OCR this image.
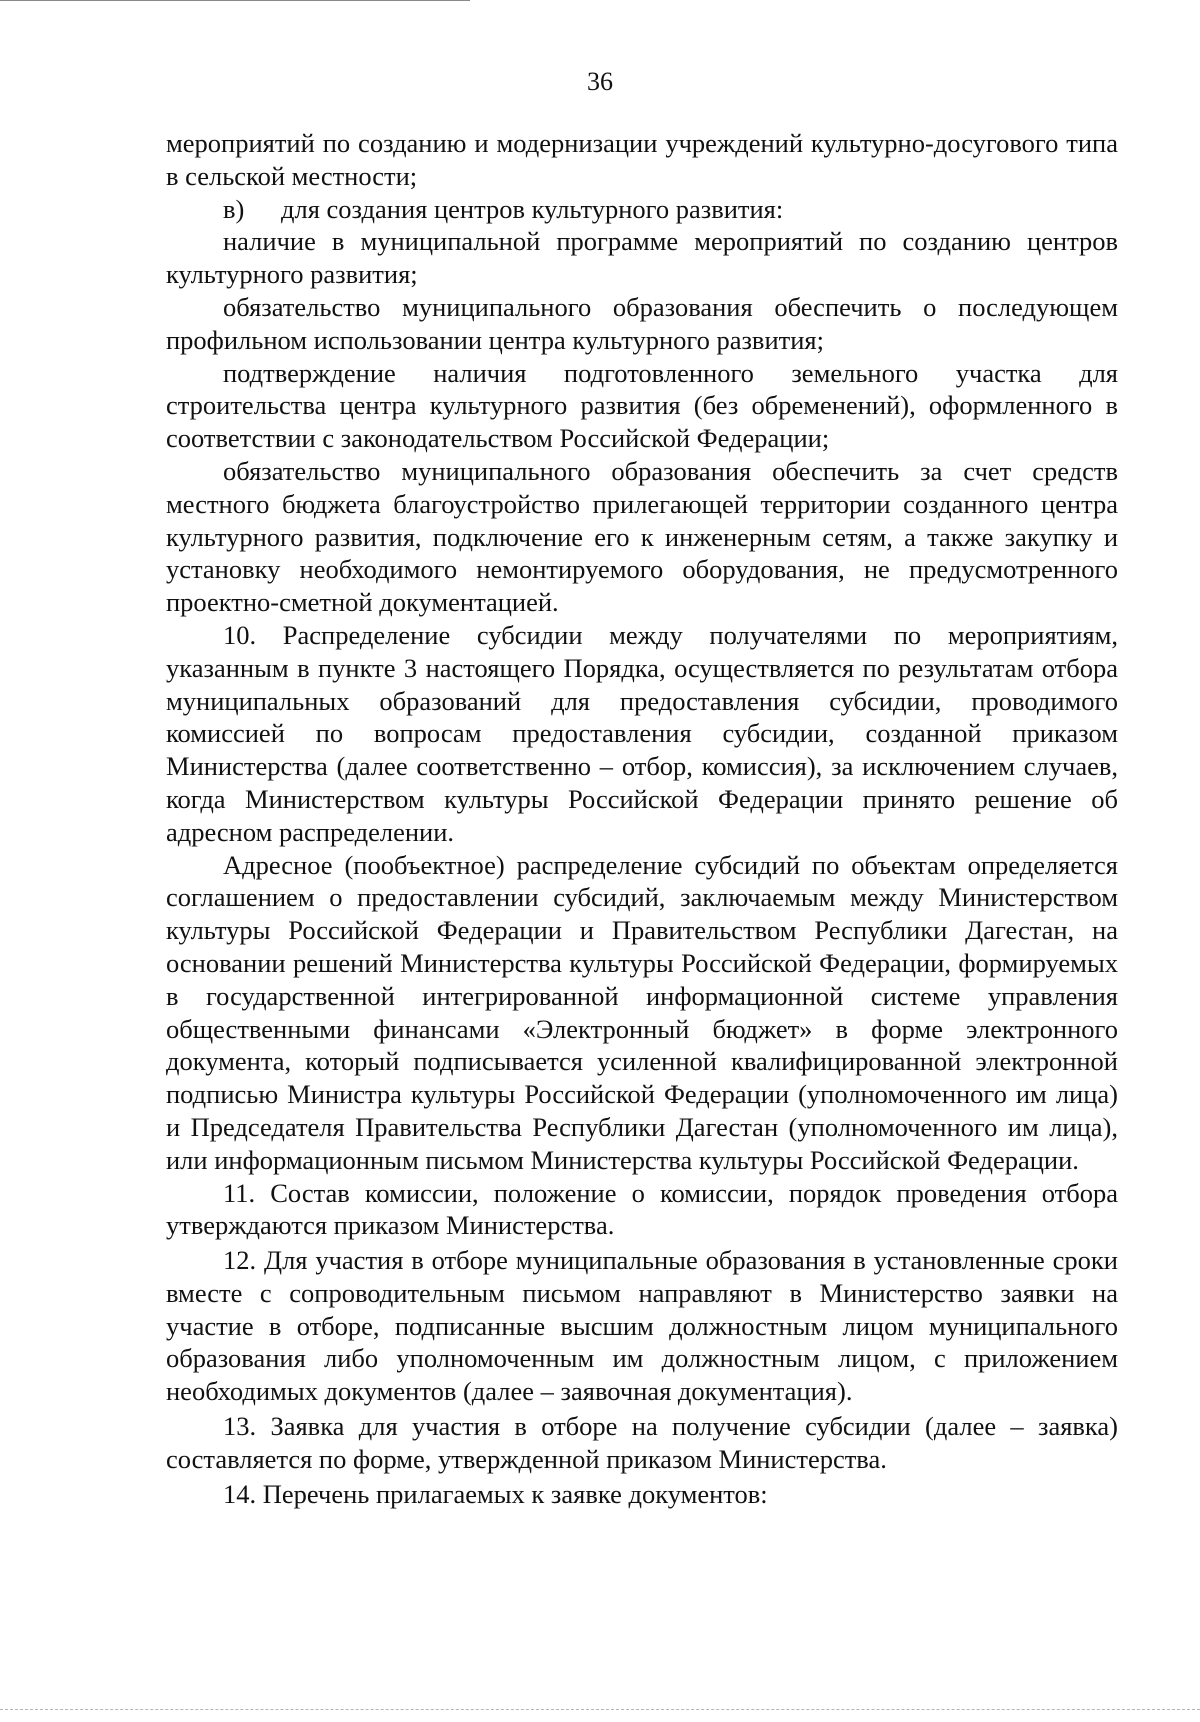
36

мероприятий по созданию и модернизации учреждений культурно-досугового типа в сельской местности;

в) для создания центров культурного развития:

наличие в муниципальной программе мероприятий по созданию центров культурного развития;

обязательство муниципального образования обеспечить о последующем профильном использовании центра культурного развития;

подтверждение наличия подготовленного земельного участка для строительства центра культурного развития (без обременений), оформленного в соответствии с законодательством Российской Федерации;

обязательство муниципального образования обеспечить за счет средств местного бюджета благоустройство прилегающей территории созданного центра культурного развития, подключение его к инженерным сетям, а также закупку и установку необходимого немонтируемого оборудования, не предусмотренного проектно-сметной документацией.

10. Распределение субсидии между получателями по мероприятиям, указанным в пункте 3 настоящего Порядка, осуществляется по результатам отбора муниципальных образований для предоставления субсидии, проводимого комиссией по вопросам предоставления субсидии, созданной приказом Министерства (далее соответственно – отбор, комиссия), за исключением случаев, когда Министерством культуры Российской Федерации принято решение об адресном распределении.

Адресное (пообъектное) распределение субсидий по объектам определяется соглашением о предоставлении субсидий, заключаемым между Министерством культуры Российской Федерации и Правительством Республики Дагестан, на основании решений Министерства культуры Российской Федерации, формируемых в государственной интегрированной информационной системе управления общественными финансами «Электронный бюджет» в форме электронного документа, который подписывается усиленной квалифицированной электронной подписью Министра культуры Российской Федерации (уполномоченного им лица) и Председателя Правительства Республики Дагестан (уполномоченного им лица), или информационным письмом Министерства культуры Российской Федерации.

11. Состав комиссии, положение о комиссии, порядок проведения отбора утверждаются приказом Министерства.

12. Для участия в отборе муниципальные образования в установленные сроки вместе с сопроводительным письмом направляют в Министерство заявки на участие в отборе, подписанные высшим должностным лицом муниципального образования либо уполномоченным им должностным лицом, с приложением необходимых документов (далее – заявочная документация).

13. Заявка для участия в отборе на получение субсидии (далее – заявка) составляется по форме, утвержденной приказом Министерства.

14. Перечень прилагаемых к заявке документов:
